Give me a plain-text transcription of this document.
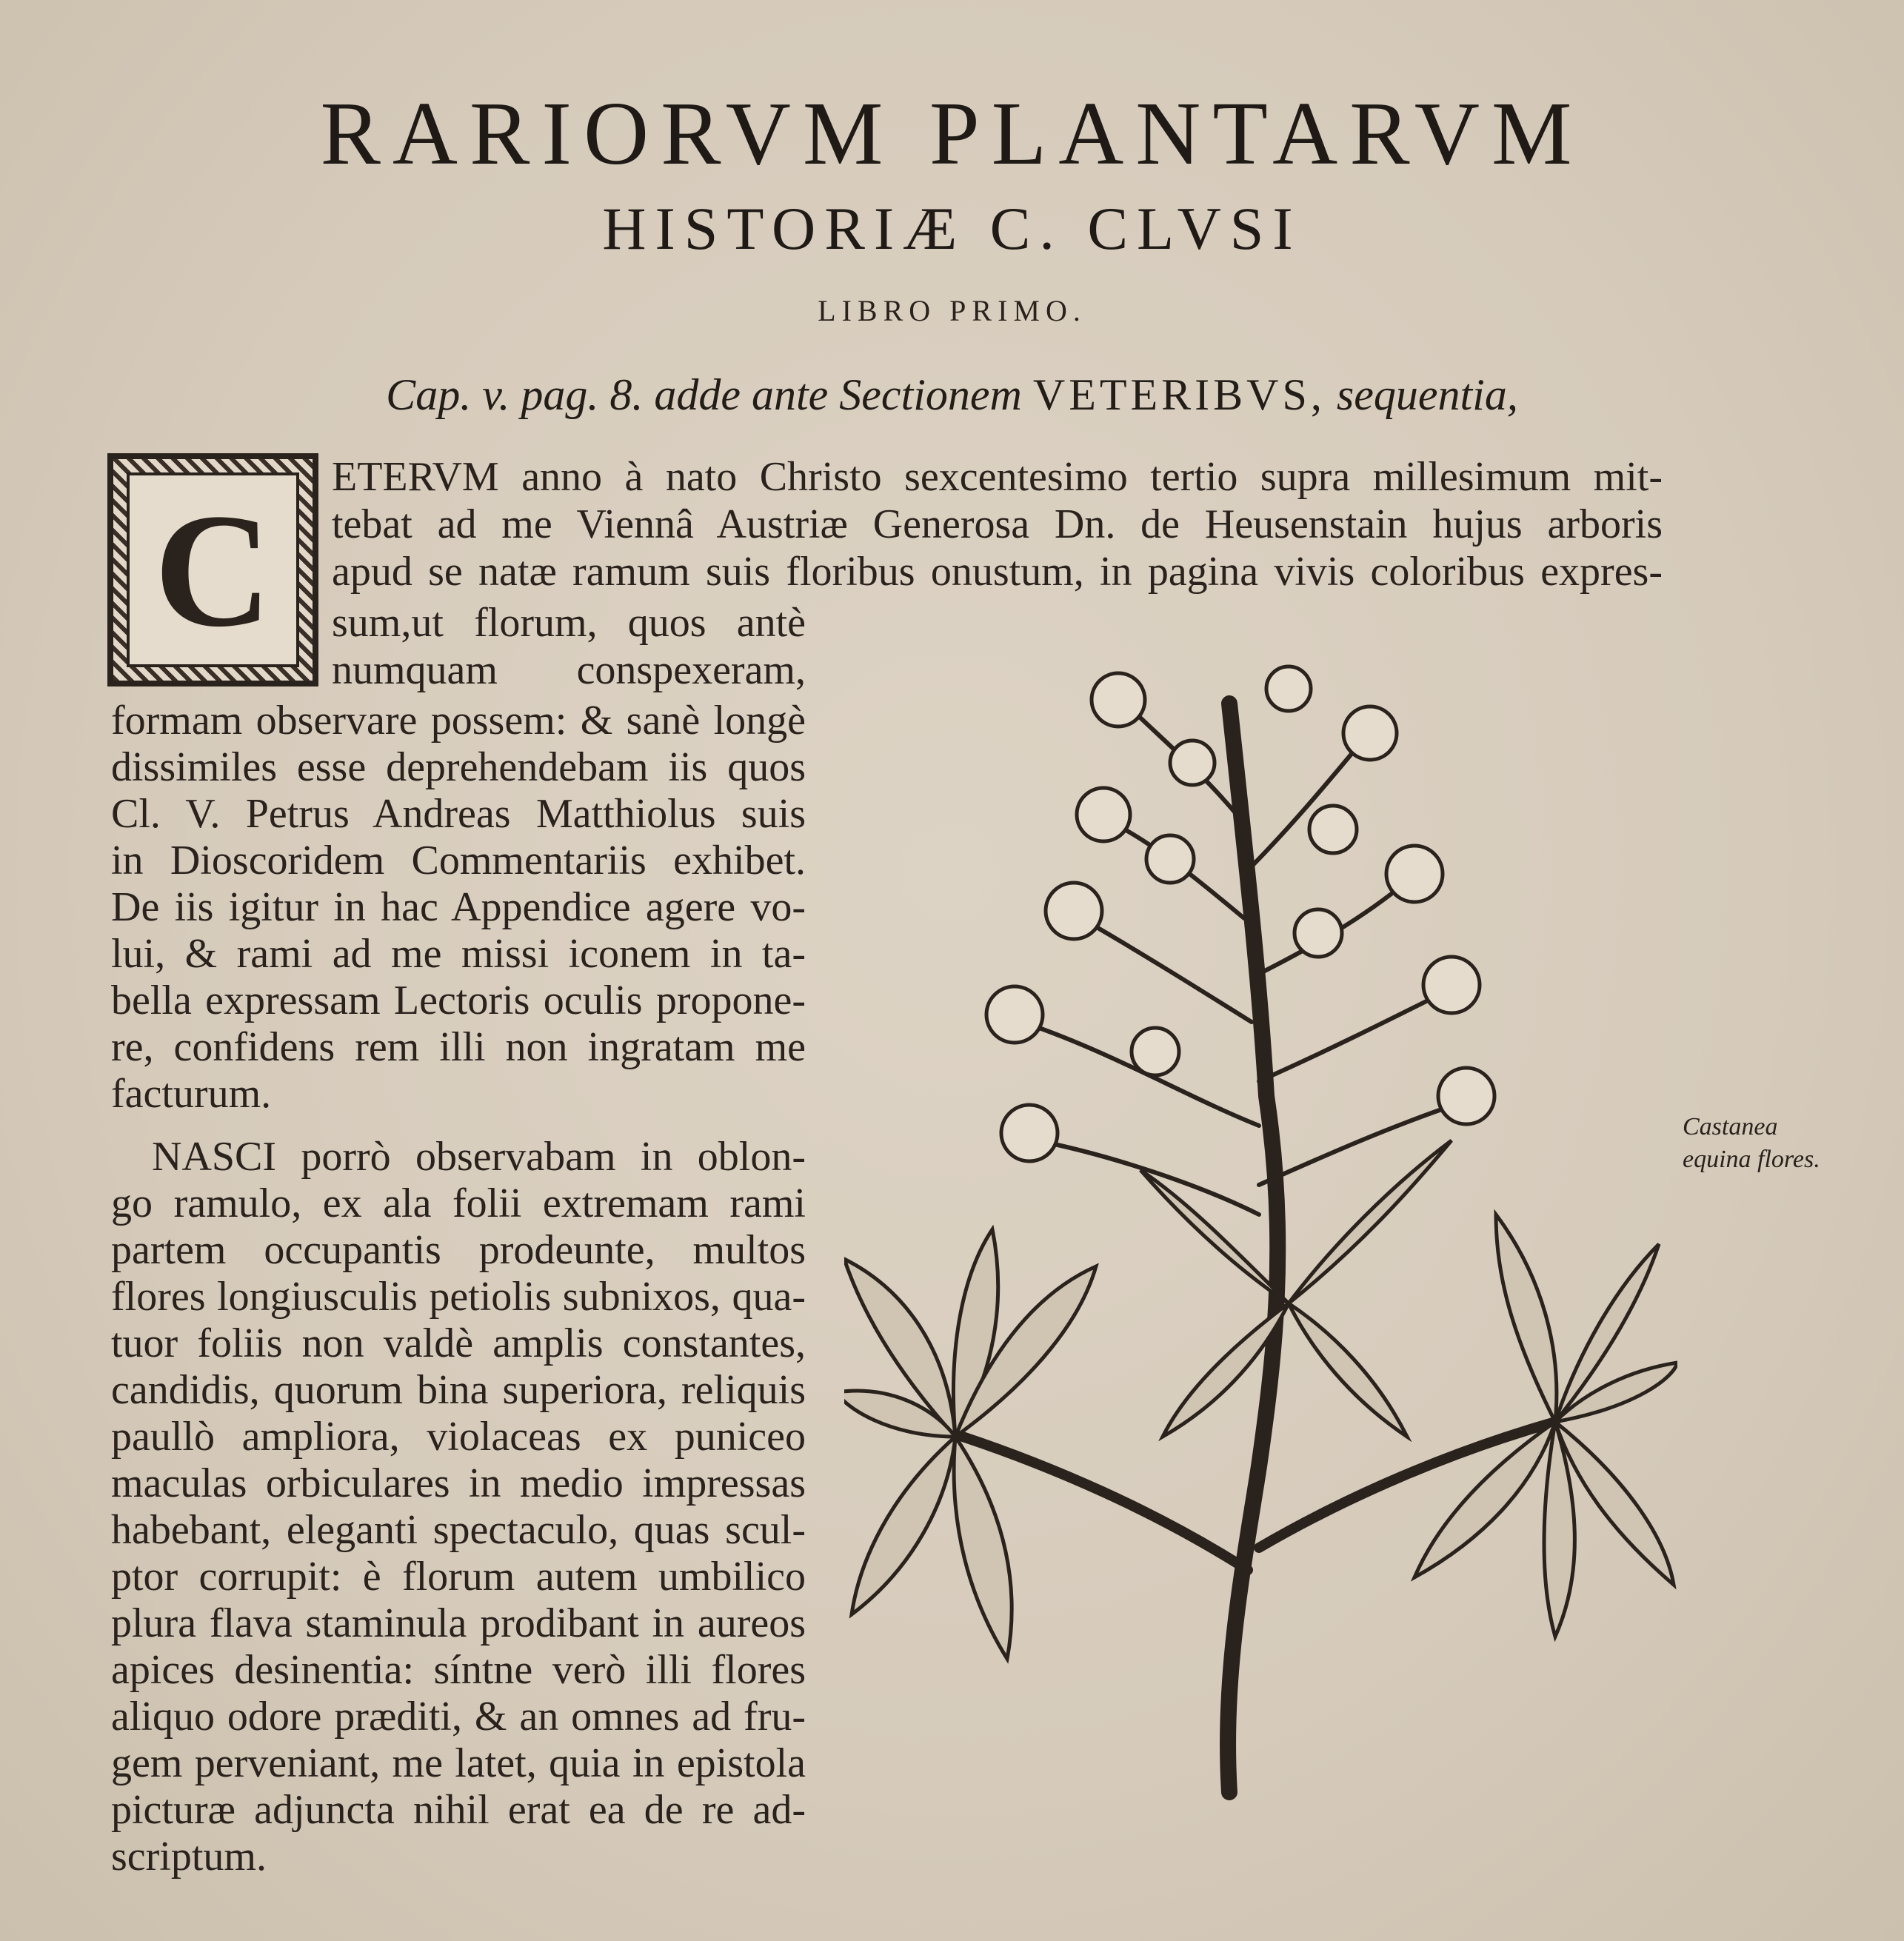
RARIORVM PLANTARVM
HISTORIÆ C. CLVSI
LIBRO PRIMO.
Cap. v. pag. 8. adde ante Sectionem VETERIBVS, sequentia,
C
ETERVM anno à nato Christo sexcentesimo tertio supra millesimum mit-
tebat ad me Viennâ Austriæ Generosa Dn. de Heusenstain hujus arboris
apud se natæ ramum suis floribus onustum, in pagina vivis coloribus expres-
sum,ut florum, quos antè
numquam conspexeram,
formam observare possem: & sanè longè
dissimiles esse deprehendebam iis quos
Cl. V. Petrus Andreas Matthiolus suis
in Dioscoridem Commentariis exhibet.
De iis igitur in hac Appendice agere vo-
lui, & rami ad me missi iconem in ta-
bella expressam Lectoris oculis propone-
re, confidens rem illi non ingratam me
facturum.
NASCI porrò observabam in oblon-
go ramulo, ex ala folii extremam rami
partem occupantis prodeunte, multos
flores longiusculis petiolis subnixos, qua-
tuor foliis non valdè amplis constantes,
candidis, quorum bina superiora, reliquis
paullò ampliora, violaceas ex puniceo
maculas orbiculares in medio impressas
habebant, eleganti spectaculo, quas scul-
ptor corrupit: è florum autem umbilico
plura flava staminula prodibant in aureos
apices desinentia: síntne verò illi flores
aliquo odore præditi, & an omnes ad fru-
gem perveniant, me latet, quia in epistola
picturæ adjuncta nihil erat ea de re ad-
scriptum.
Castanea
equina flores.
